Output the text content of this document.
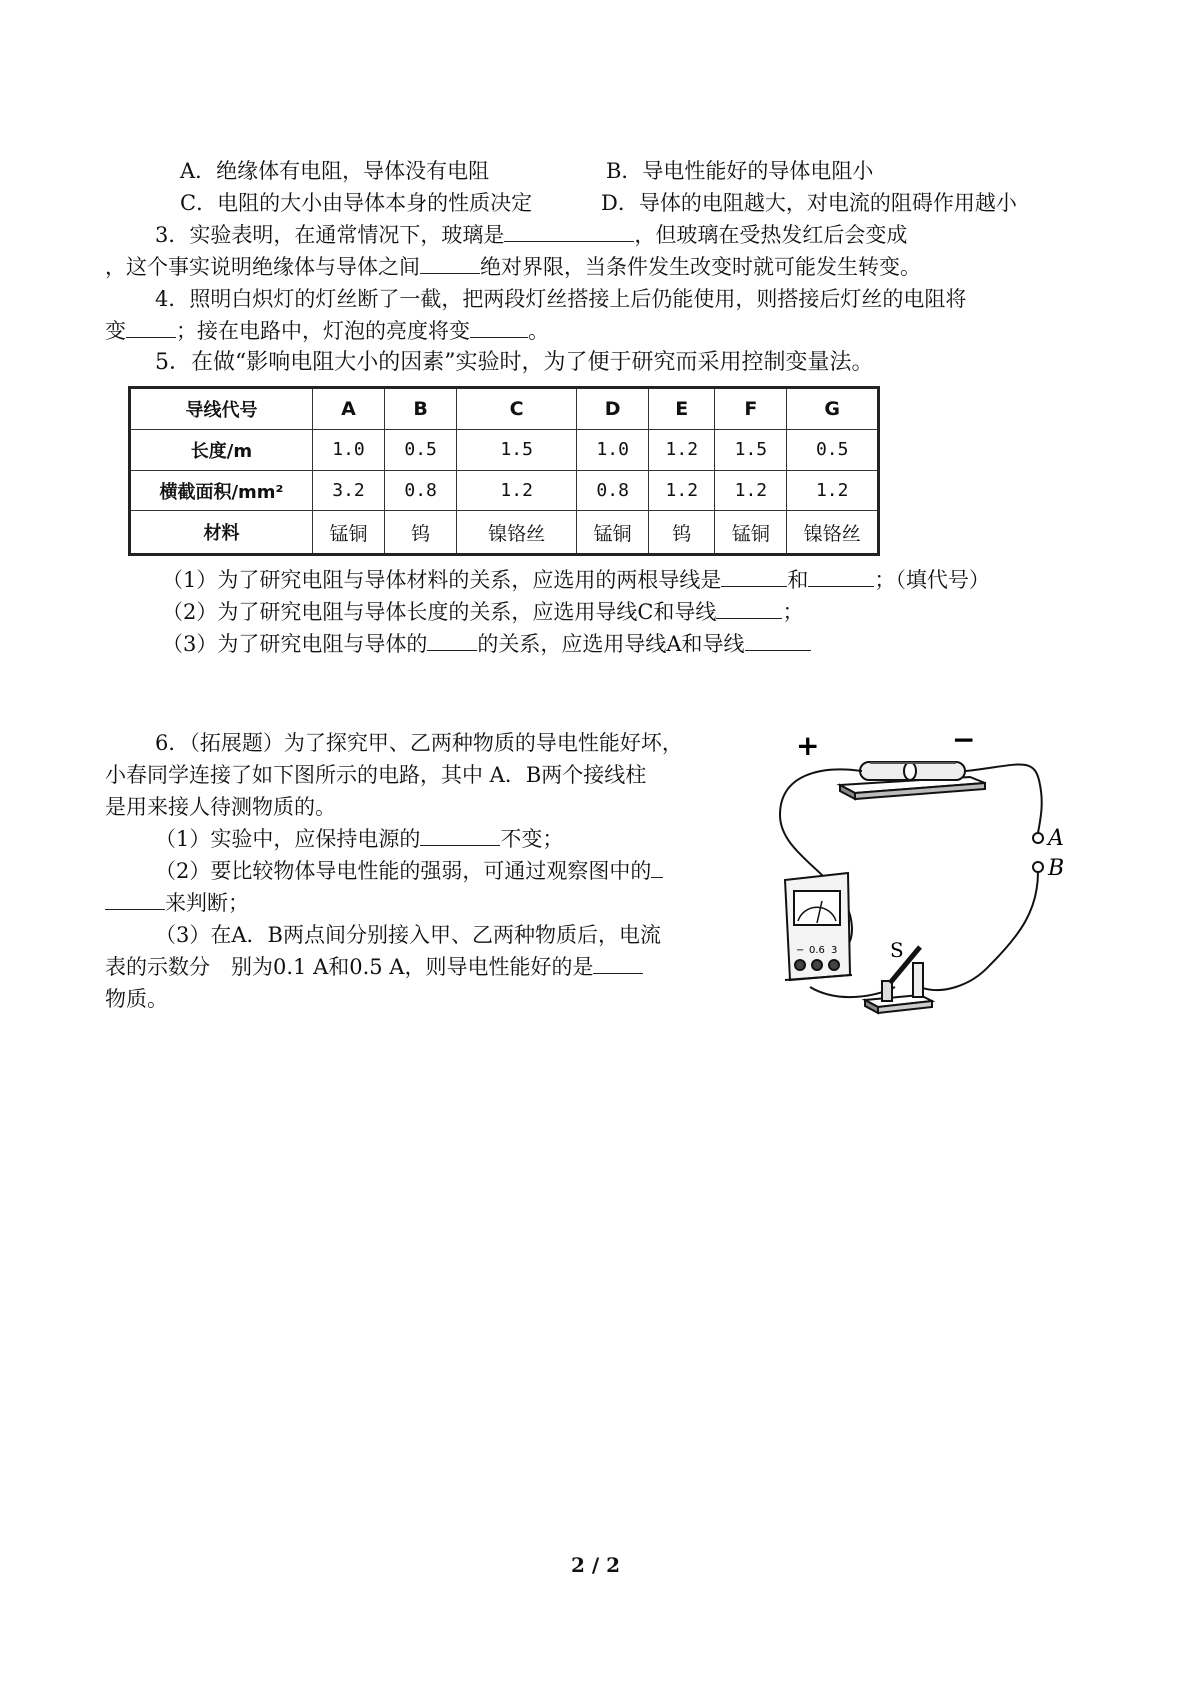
A．绝缘体有电阻，导体没有电阻	B．导电性能好的导体电阻小
C．电阻的大小由导体本身的性质决定	D．导体的电阻越大，对电流的阻碍作用越小
3．实验表明，在通常情况下，玻璃是	，但玻璃在受热发红后会变成
，这个事实说明绝缘体与导体之间	绝对界限，当条件发生改变时就可能发生转变。
4．照明白炽灯的灯丝断了一截，把两段灯丝搭接上后仍能使用，则搭接后灯丝的电阻将
变 ；接在电路中，灯泡的亮度将变	。
5．在做“影响电阻大小的因素”实验时，为了便于研究而采用控制变量法。
导线代号	A	B	C	D	E	F	G
长度/m	1.0	0.5	1.5	1.0	1.2	1.5	0.5
横截面积/mm²	3.2	0.8	1.2	0.8	1.2	1.2	1.2
材料	锰铜	钨	镍铬丝	锰铜	钨	锰铜	镍铬丝
（1）为了研究电阻与导体材料的关系，应选用的两根导线是	和	；（填代号）
（2）为了研究电阻与导体长度的关系，应选用导线C和导线	；
（3）为了研究电阻与导体的 的关系，应选用导线A和导线
6．（拓展题）为了探究甲、乙两种物质的导电性能好坏，
小春同学连接了如下图所示的电路，其中 A．B两个接线柱
是用来接人待测物质的。
（1）实验中，应保持电源的	不变；
（2）要比较物体导电性能的强弱，可通过观察图中的
来判断；
（3）在A．B两点间分别接入甲、乙两种物质后，电流
表的示数分　别为0.1 A和0.5 A，则导电性能好的是
物质。
+	−
A
B
S
− 0.6 3
2 / 2
